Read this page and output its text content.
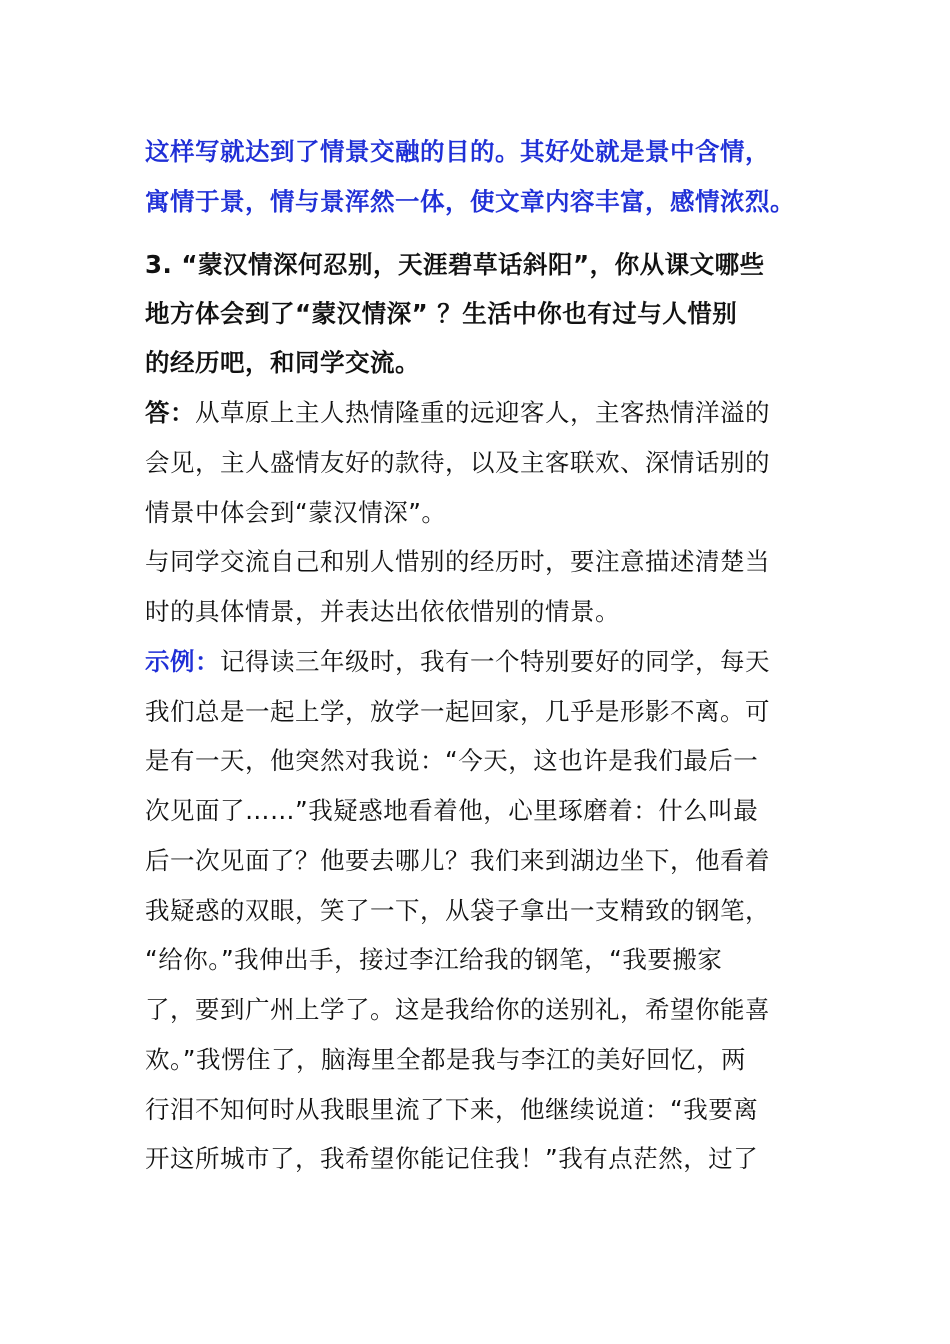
这样写就达到了情景交融的目的。其好处就是景中含情，
寓情于景，情与景浑然一体，使文章内容丰富，感情浓烈。
3. “蒙汉情深何忍别，天涯碧草话斜阳”，你从课文哪些
地方体会到了“蒙汉情深” ？生活中你也有过与人惜别
的经历吧，和同学交流。
答：从草原上主人热情隆重的远迎客人，主客热情洋溢的
会见，主人盛情友好的款待，以及主客联欢、深情话别的
情景中体会到“蒙汉情深”。
与同学交流自己和别人惜别的经历时，要注意描述清楚当
时的具体情景，并表达出依依惜别的情景。
示例：记得读三年级时，我有一个特别要好的同学，每天
我们总是一起上学，放学一起回家，几乎是形影不离。可
是有一天，他突然对我说：“今天，这也许是我们最后一
次见面了……”我疑惑地看着他，心里琢磨着：什么叫最
后一次见面了？他要去哪儿？我们来到湖边坐下，他看着
我疑惑的双眼，笑了一下，从袋子拿出一支精致的钢笔，
“给你。”我伸出手，接过李江给我的钢笔，“我要搬家
了，要到广州上学了。这是我给你的送别礼，希望你能喜
欢。”我愣住了，脑海里全都是我与李江的美好回忆，两
行泪不知何时从我眼里流了下来，他继续说道：“我要离
开这所城市了，我希望你能记住我！”我有点茫然，过了
